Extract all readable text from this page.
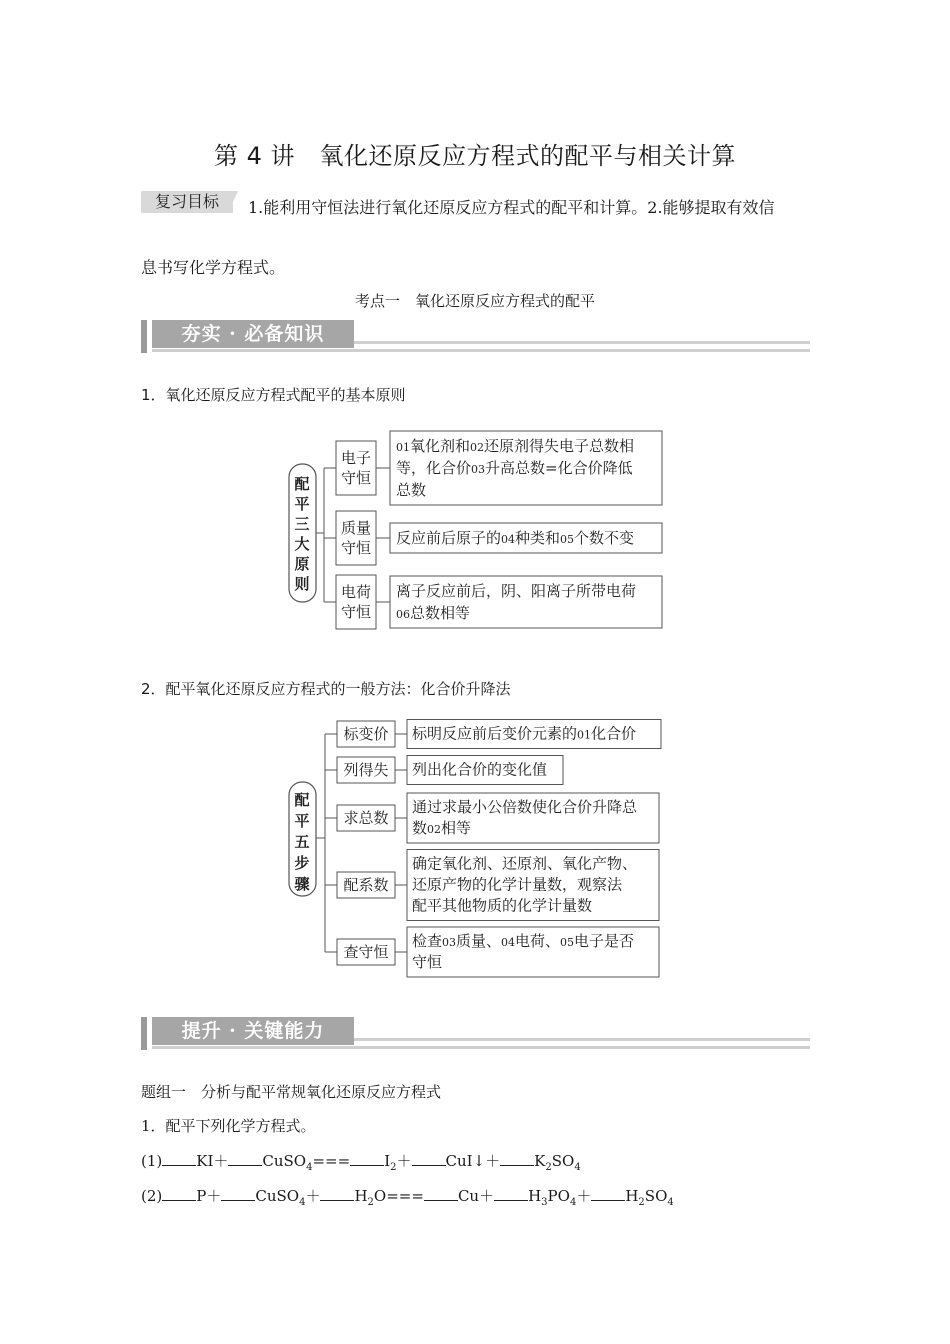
第 4 讲　氧化还原反应方程式的配平与相关计算
复习目标	1.能利用守恒法进行氧化还原反应方程式的配平和计算。2.能够提取有效信
息书写化学方程式。
考点一　氧化还原反应方程式的配平
夯实 · 必备知识
1．氧化还原反应方程式配平的基本原则
配
平
三
大
原
则
电子
守恒
01氧化剂和02还原剂得失电子总数相
等，化合价03升高总数=化合价降低
总数
质量
守恒
反应前后原子的04种类和05个数不变
电荷
守恒
离子反应前后，阴、阳离子所带电荷
06总数相等
2．配平氧化还原反应方程式的一般方法：化合价升降法
配
平
五
步
骤
标变价 标明反应前后变价元素的01化合价
列得失 列出化合价的变化值
求总数
通过求最小公倍数使化合价升降总
数02相等
配系数
确定氧化剂、还原剂、氧化产物、
还原产物的化学计量数，观察法
配平其他物质的化学计量数
查守恒
检查03质量、04电荷、05电子是否
守恒
提升 · 关键能力
题组一　分析与配平常规氧化还原反应方程式
1．配平下列化学方程式。
(1) KI＋ CuSO$_4$=== $I_2+$ CuI↓＋ $K_2SO_4$
(2) P＋ CuSO$_4$＋ $H_2O=== Cu+ H_3PO_4+ H_2SO_4$
